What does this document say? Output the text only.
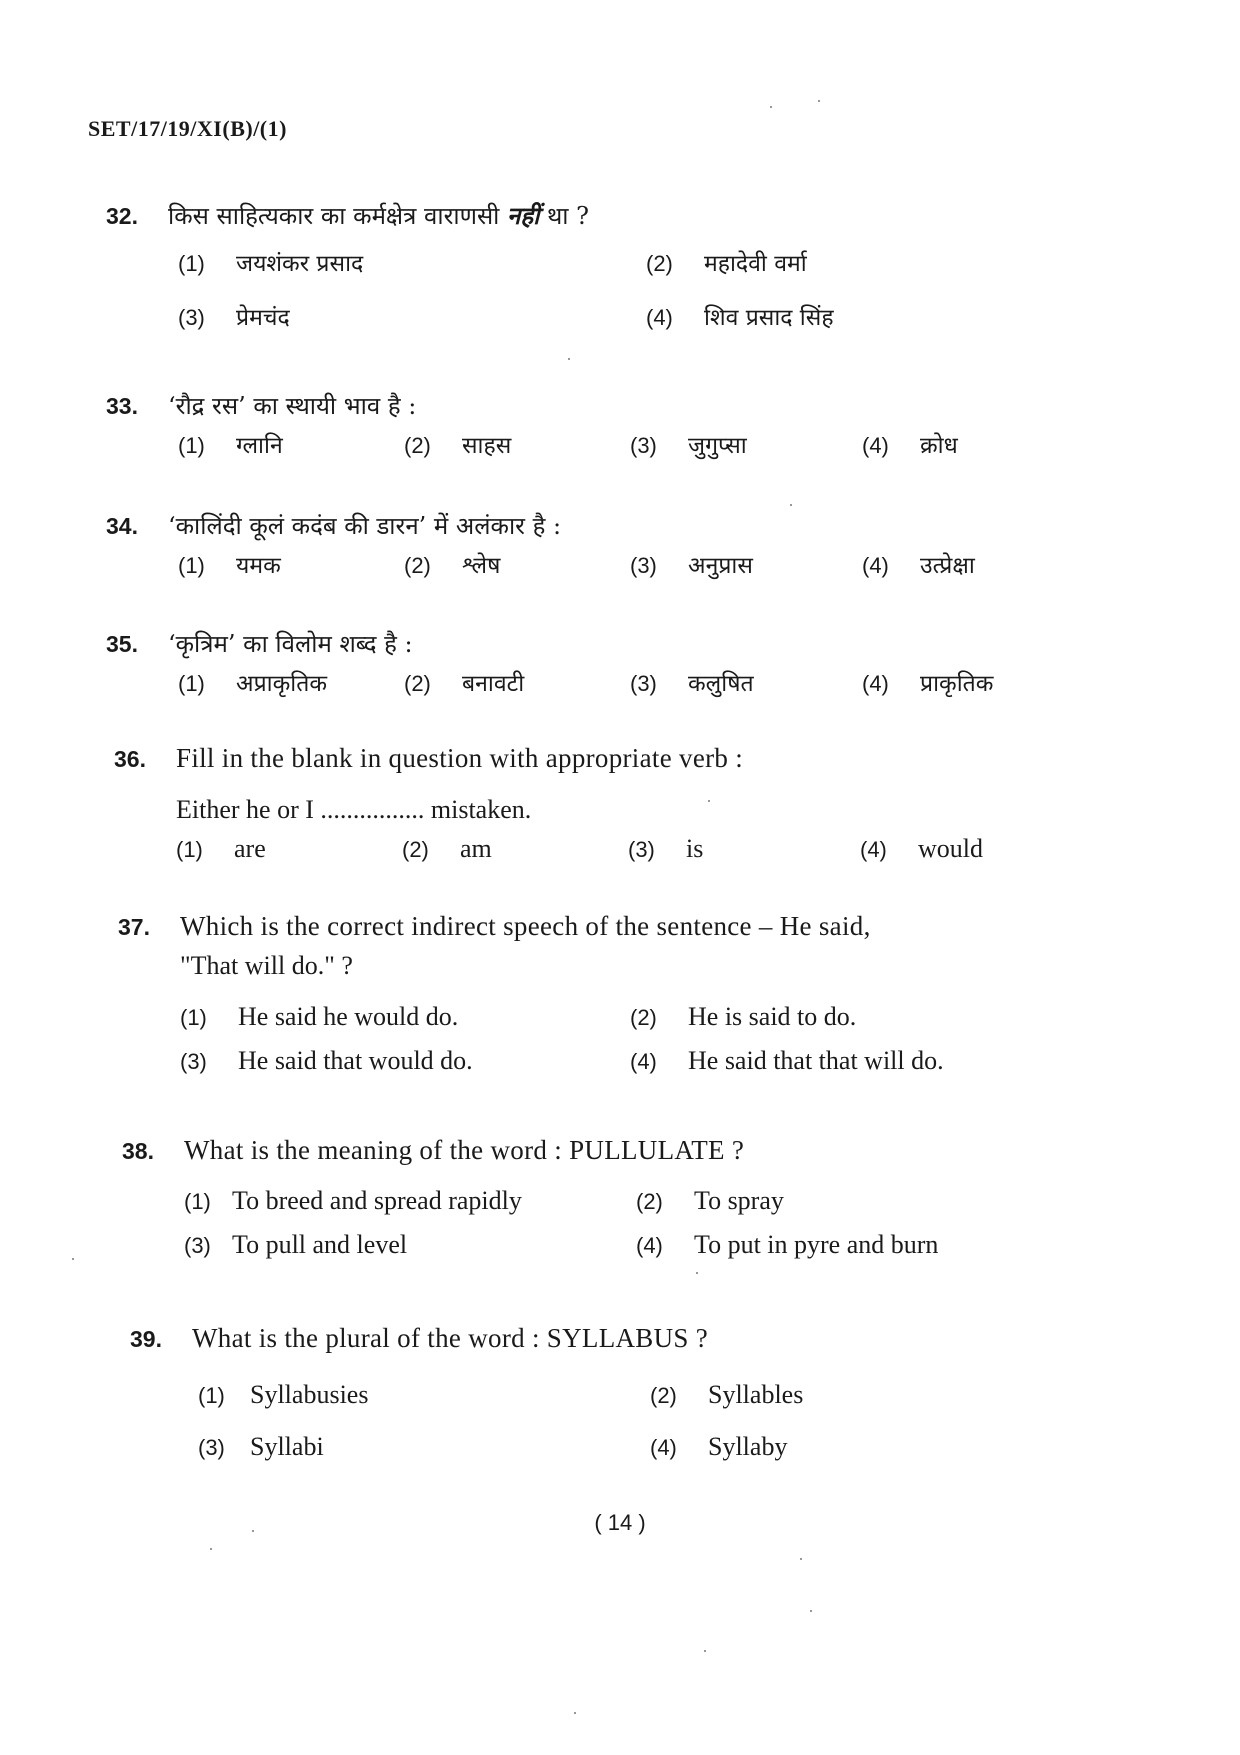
SET/17/19/XI(B)/(1)
32.	किस साहित्यकार का कर्मक्षेत्र वाराणसी नहीं था ?
(1)	जयशंकर प्रसाद	(2)	महादेवी वर्मा
(3)	प्रेमचंद	(4)	शिव प्रसाद सिंह
33.	‘रौद्र रस’ का स्थायी भाव है :
(1)	ग्लानि	(2)	साहस	(3)	जुगुप्सा	(4)	क्रोध
34.	‘कालिंदी कूलं कदंब की डारन’ में अलंकार है :
(1)	यमक	(2)	श्लेष	(3)	अनुप्रास	(4)	उत्प्रेक्षा
35.	‘कृत्रिम’ का विलोम शब्द है :
(1)	अप्राकृतिक	(2)	बनावटी	(3)	कलुषित	(4)	प्राकृतिक
36.	Fill in the blank in question with appropriate verb :
Either he or I ................ mistaken.
(1)	are	(2)	am	(3)	is	(4)	would
37.	Which is the correct indirect speech of the sentence – He said,
"That will do." ?
(1)	He said he would do.	(2)	He is said to do.
(3)	He said that would do.	(4)	He said that that will do.
38.	What is the meaning of the word : PULLULATE ?
(1) To breed and spread rapidly	(2)	To spray
(3) To pull and level	(4)	To put in pyre and burn
39.	What is the plural of the word : SYLLABUS ?
(1) Syllabusies	(2)	Syllables
(3) Syllabi	(4)	Syllaby
( 14 )
